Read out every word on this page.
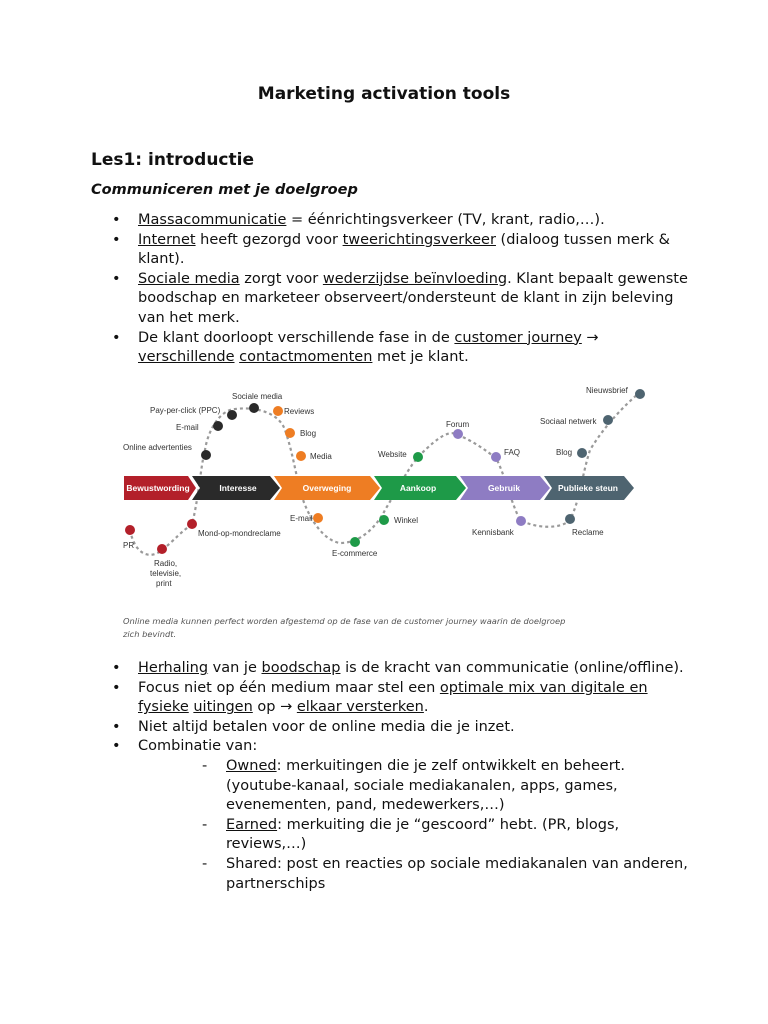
Marketing activation tools
Les1: introductie
Communiceren met je doelgroep
• Massacommunicatie = éénrichtingsverkeer (TV, krant, radio,…).
• Internet heeft gezorgd voor tweerichtingsverkeer (dialoog tussen merk & klant).
• Sociale media zorgt voor wederzijdse beïnvloeding. Klant bepaalt gewenste boodschap en marketeer observeert/ondersteunt de klant in zijn beleving van het merk.
• De klant doorloopt verschillende fase in de customer journey → verschillende contactmomenten met je klant.
Bewustwording	Interesse	Overweging	Aankoop	Gebruik	Publieke steun
Pay-per-click (PPC)
Sociale media
Reviews
E-mail
Blog
Online advertenties
Media
Forum
Website	FAQ	Blog
Sociaal netwerk
Nieuwsbrief
PR
Radio,
televisie,
print
Mond-op-mondreclame
E-mail
E-commerce
Winkel
Kennisbank	Reclame
Online media kunnen perfect worden afgestemd op de fase van de customer journey waarin de doelgroep
zich bevindt.
• Herhaling van je boodschap is de kracht van communicatie (online/offline).
• Focus niet op één medium maar stel een optimale mix van digitale en fysieke uitingen op → elkaar versterken.
• Niet altijd betalen voor de online media die je inzet.
• Combinatie van:
- Owned: merkuitingen die je zelf ontwikkelt en beheert. (youtube-kanaal, sociale mediakanalen, apps, games, evenementen, pand, medewerkers,…)
- Earned: merkuiting die je “gescoord” hebt. (PR, blogs, reviews,…)
- Shared: post en reacties op sociale mediakanalen van anderen, partnerschips
